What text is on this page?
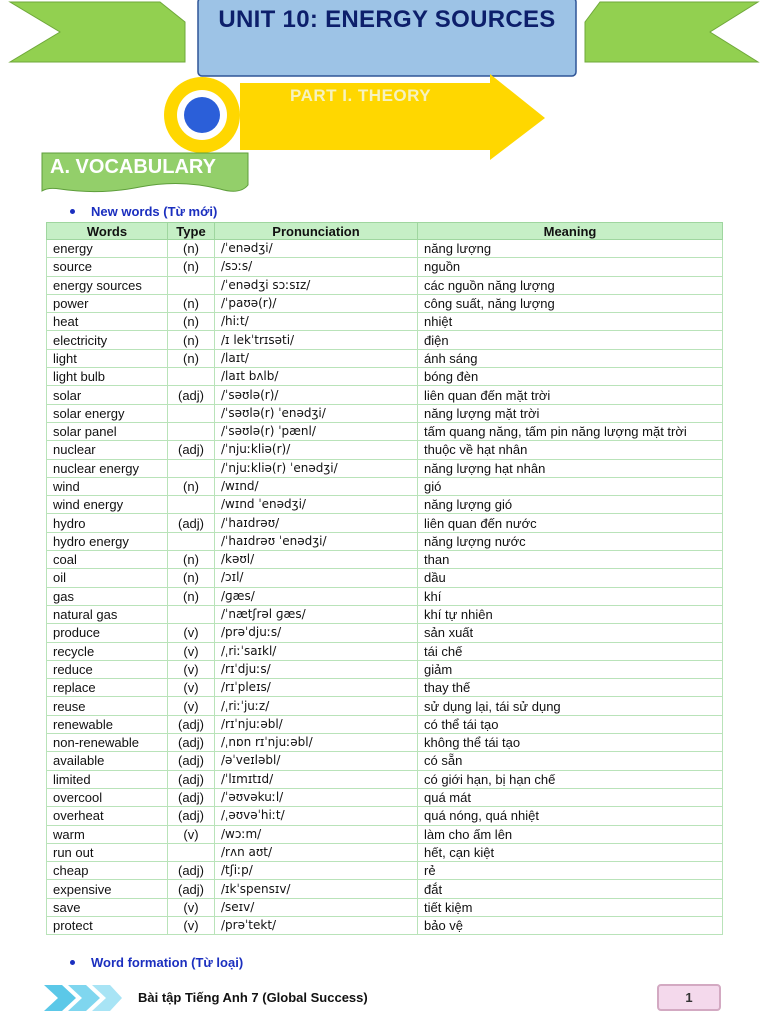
UNIT 10: ENERGY SOURCES
PART I. THEORY
A. VOCABULARY
New words (Từ mới)
Words	Type	Pronunciation	Meaning
energy	(n)	/ˈenədʒi/	năng lượng
source	(n)	/sɔːs/	nguồn
energy sources		/ˈenədʒi sɔːsɪz/	các nguồn năng lượng
power	(n)	/ˈpaʊə(r)/	công suất, năng lượng
heat	(n)	/hiːt/	nhiệt
electricity	(n)	/ɪ lekˈtrɪsəti/	điện
light	(n)	/laɪt/	ánh sáng
light bulb		/laɪt bʌlb/	bóng đèn
solar	(adj)	/ˈsəʊlə(r)/	liên quan đến mặt trời
solar energy		/ˈsəʊlə(r) ˈenədʒi/	năng lượng mặt trời
solar panel		/ˈsəʊlə(r) ˈpænl/	tấm quang năng, tấm pin năng lượng mặt trời
nuclear	(adj)	/ˈnjuːkliə(r)/	thuộc về hạt nhân
nuclear energy		/ˈnjuːkliə(r) ˈenədʒi/	năng lượng hạt nhân
wind	(n)	/wɪnd/	gió
wind energy		/wɪnd ˈenədʒi/	năng lượng gió
hydro	(adj)	/ˈhaɪdrəʊ/	liên quan đến nước
hydro energy		/ˈhaɪdrəʊ ˈenədʒi/	năng lượng nước
coal	(n)	/kəʊl/	than
oil	(n)	/ɔɪl/	dầu
gas	(n)	/ɡæs/	khí
natural gas		/ˈnætʃrəl ɡæs/	khí tự nhiên
produce	(v)	/prəˈdjuːs/	sản xuất
recycle	(v)	/ˌriːˈsaɪkl/	tái chế
reduce	(v)	/rɪˈdjuːs/	giảm
replace	(v)	/rɪˈpleɪs/	thay thế
reuse	(v)	/ˌriːˈjuːz/	sử dụng lại, tái sử dụng
renewable	(adj)	/rɪˈnjuːəbl/	có thể tái tạo
non-renewable	(adj)	/ˌnɒn rɪˈnjuːəbl/	không thể tái tạo
available	(adj)	/əˈveɪləbl/	có sẵn
limited	(adj)	/ˈlɪmɪtɪd/	có giới hạn, bị hạn chế
overcool	(adj)	/ˈəʊvəkuːl/	quá mát
overheat	(adj)	/ˌəʊvəˈhiːt/	quá nóng, quá nhiệt
warm	(v)	/wɔːm/	làm cho ấm lên
run out		/rʌn aʊt/	hết, cạn kiệt
cheap	(adj)	/tʃiːp/	rẻ
expensive	(adj)	/ɪkˈspensɪv/	đắt
save	(v)	/seɪv/	tiết kiệm
protect	(v)	/prəˈtekt/	bảo vệ
Word formation (Từ loại)
Bài tập Tiếng Anh 7 (Global Success)	1
